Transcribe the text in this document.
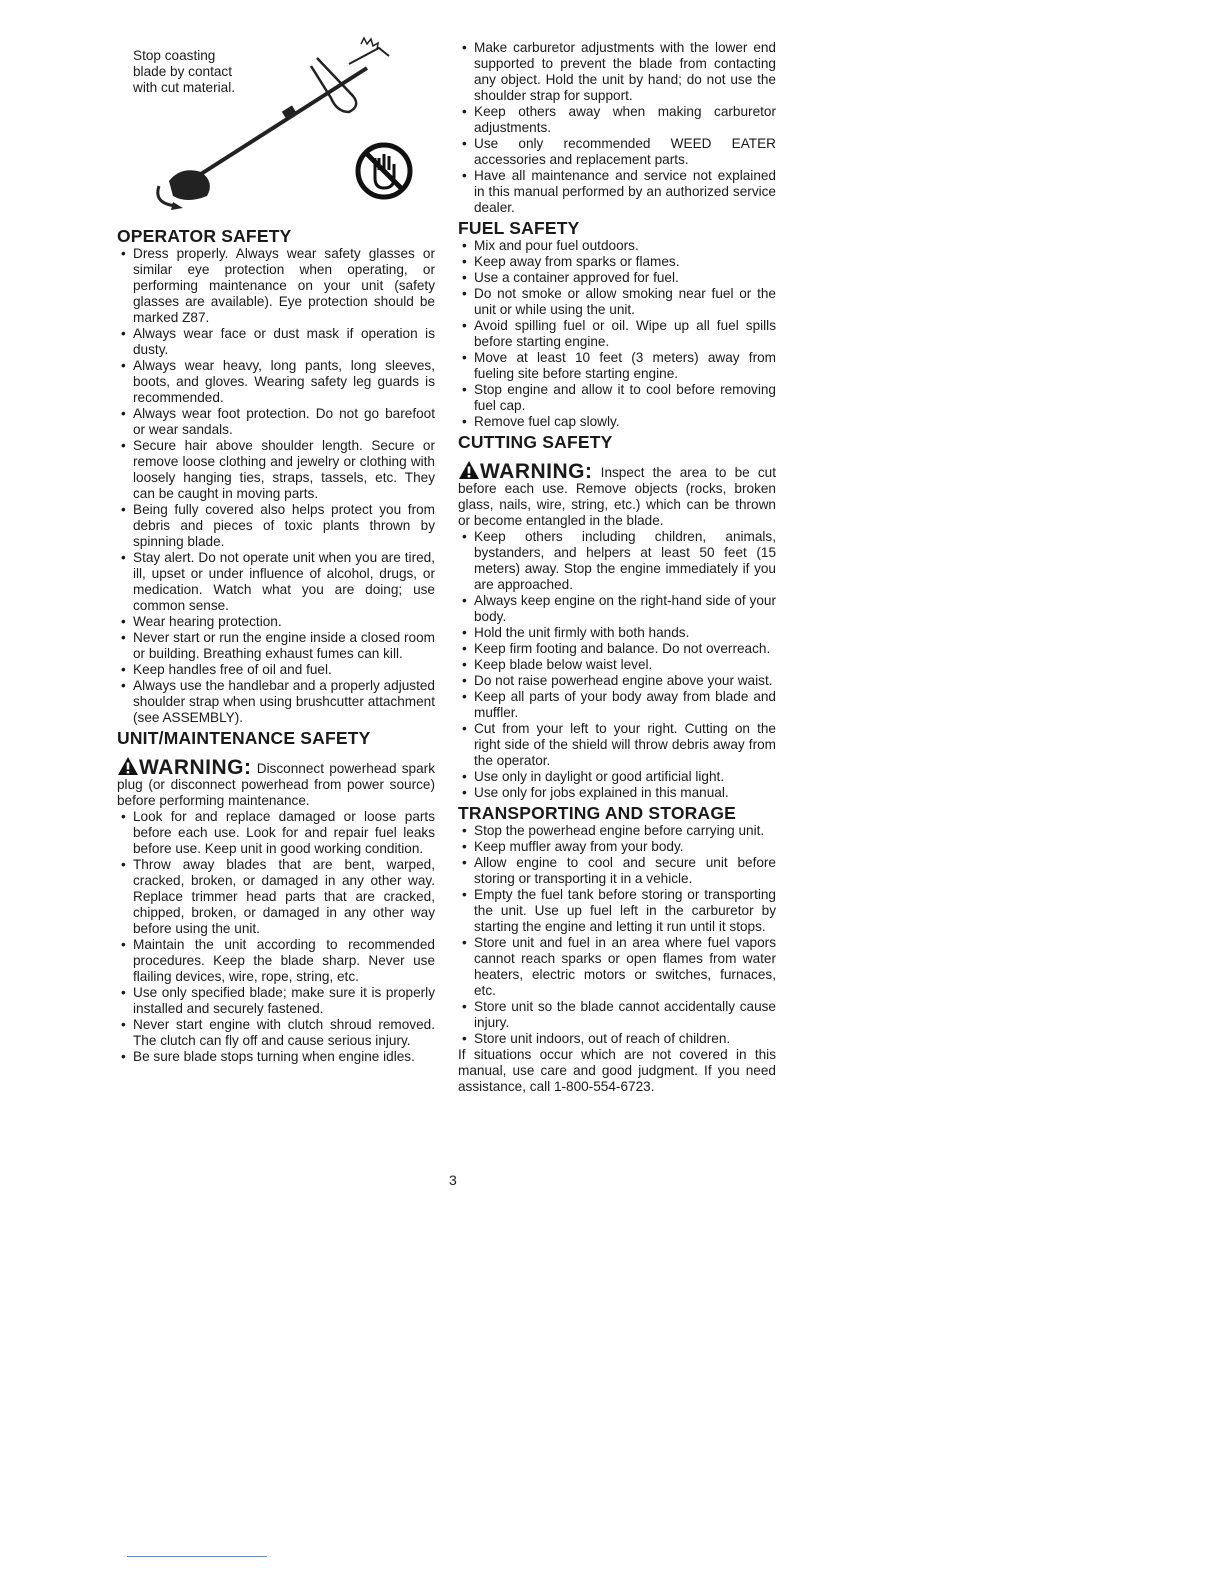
Stop coasting
blade by contact
with cut material.
OPERATOR SAFETY
• Dress properly. Always wear safety glasses or similar eye protection when operating, or performing maintenance on your unit (safety glasses are available). Eye protection should be marked Z87.
• Always wear face or dust mask if operation is dusty.
• Always wear heavy, long pants, long sleeves, boots, and gloves. Wearing safety leg guards is recommended.
• Always wear foot protection. Do not go barefoot or wear sandals.
• Secure hair above shoulder length. Secure or remove loose clothing and jewelry or clothing with loosely hanging ties, straps, tassels, etc. They can be caught in moving parts.
• Being fully covered also helps protect you from debris and pieces of toxic plants thrown by spinning blade.
• Stay alert. Do not operate unit when you are tired, ill, upset or under influence of alcohol, drugs, or medication. Watch what you are doing; use common sense.
• Wear hearing protection.
• Never start or run the engine inside a closed room or building. Breathing exhaust fumes can kill.
• Keep handles free of oil and fuel.
• Always use the handlebar and a properly adjusted shoulder strap when using brushcutter attachment (see ASSEMBLY).
UNIT/MAINTENANCE SAFETY

WARNING: Disconnect powerhead spark plug (or disconnect powerhead from power source) before performing maintenance.

• Look for and replace damaged or loose parts before each use. Look for and repair fuel leaks before use. Keep unit in good working condition.
• Throw away blades that are bent, warped, cracked, broken, or damaged in any other way. Replace trimmer head parts that are cracked, chipped, broken, or damaged in any other way before using the unit.
• Maintain the unit according to recommended procedures. Keep the blade sharp. Never use flailing devices, wire, rope, string, etc.
• Use only specified blade; make sure it is properly installed and securely fastened.
• Never start engine with clutch shroud removed. The clutch can fly off and cause serious injury.
• Be sure blade stops turning when engine idles.
• Make carburetor adjustments with the lower end supported to prevent the blade from contacting any object. Hold the unit by hand; do not use the shoulder strap for support.
• Keep others away when making carburetor adjustments.
• Use only recommended WEED EATER accessories and replacement parts.
• Have all maintenance and service not explained in this manual performed by an authorized service dealer.
FUEL SAFETY
• Mix and pour fuel outdoors.
• Keep away from sparks or flames.
• Use a container approved for fuel.
• Do not smoke or allow smoking near fuel or the unit or while using the unit.
• Avoid spilling fuel or oil. Wipe up all fuel spills before starting engine.
• Move at least 10 feet (3 meters) away from fueling site before starting engine.
• Stop engine and allow it to cool before removing fuel cap.
• Remove fuel cap slowly.
CUTTING SAFETY

WARNING: Inspect the area to be cut before each use. Remove objects (rocks, broken glass, nails, wire, string, etc.) which can be thrown or become entangled in the blade.

• Keep others including children, animals, bystanders, and helpers at least 50 feet (15 meters) away. Stop the engine immediately if you are approached.
• Always keep engine on the right-hand side of your body.
• Hold the unit firmly with both hands.
• Keep firm footing and balance. Do not overreach.
• Keep blade below waist level.
• Do not raise powerhead engine above your waist.
• Keep all parts of your body away from blade and muffler.
• Cut from your left to your right. Cutting on the right side of the shield will throw debris away from the operator.
• Use only in daylight or good artificial light.
• Use only for jobs explained in this manual.
TRANSPORTING AND STORAGE
• Stop the powerhead engine before carrying unit.
• Keep muffler away from your body.
• Allow engine to cool and secure unit before storing or transporting it in a vehicle.
• Empty the fuel tank before storing or transporting the unit. Use up fuel left in the carburetor by starting the engine and letting it run until it stops.
• Store unit and fuel in an area where fuel vapors cannot reach sparks or open flames from water heaters, electric motors or switches, furnaces, etc.
• Store unit so the blade cannot accidentally cause injury.
• Store unit indoors, out of reach of children.

If situations occur which are not covered in this manual, use care and good judgment. If you need assistance, call 1-800-554-6723.

3
